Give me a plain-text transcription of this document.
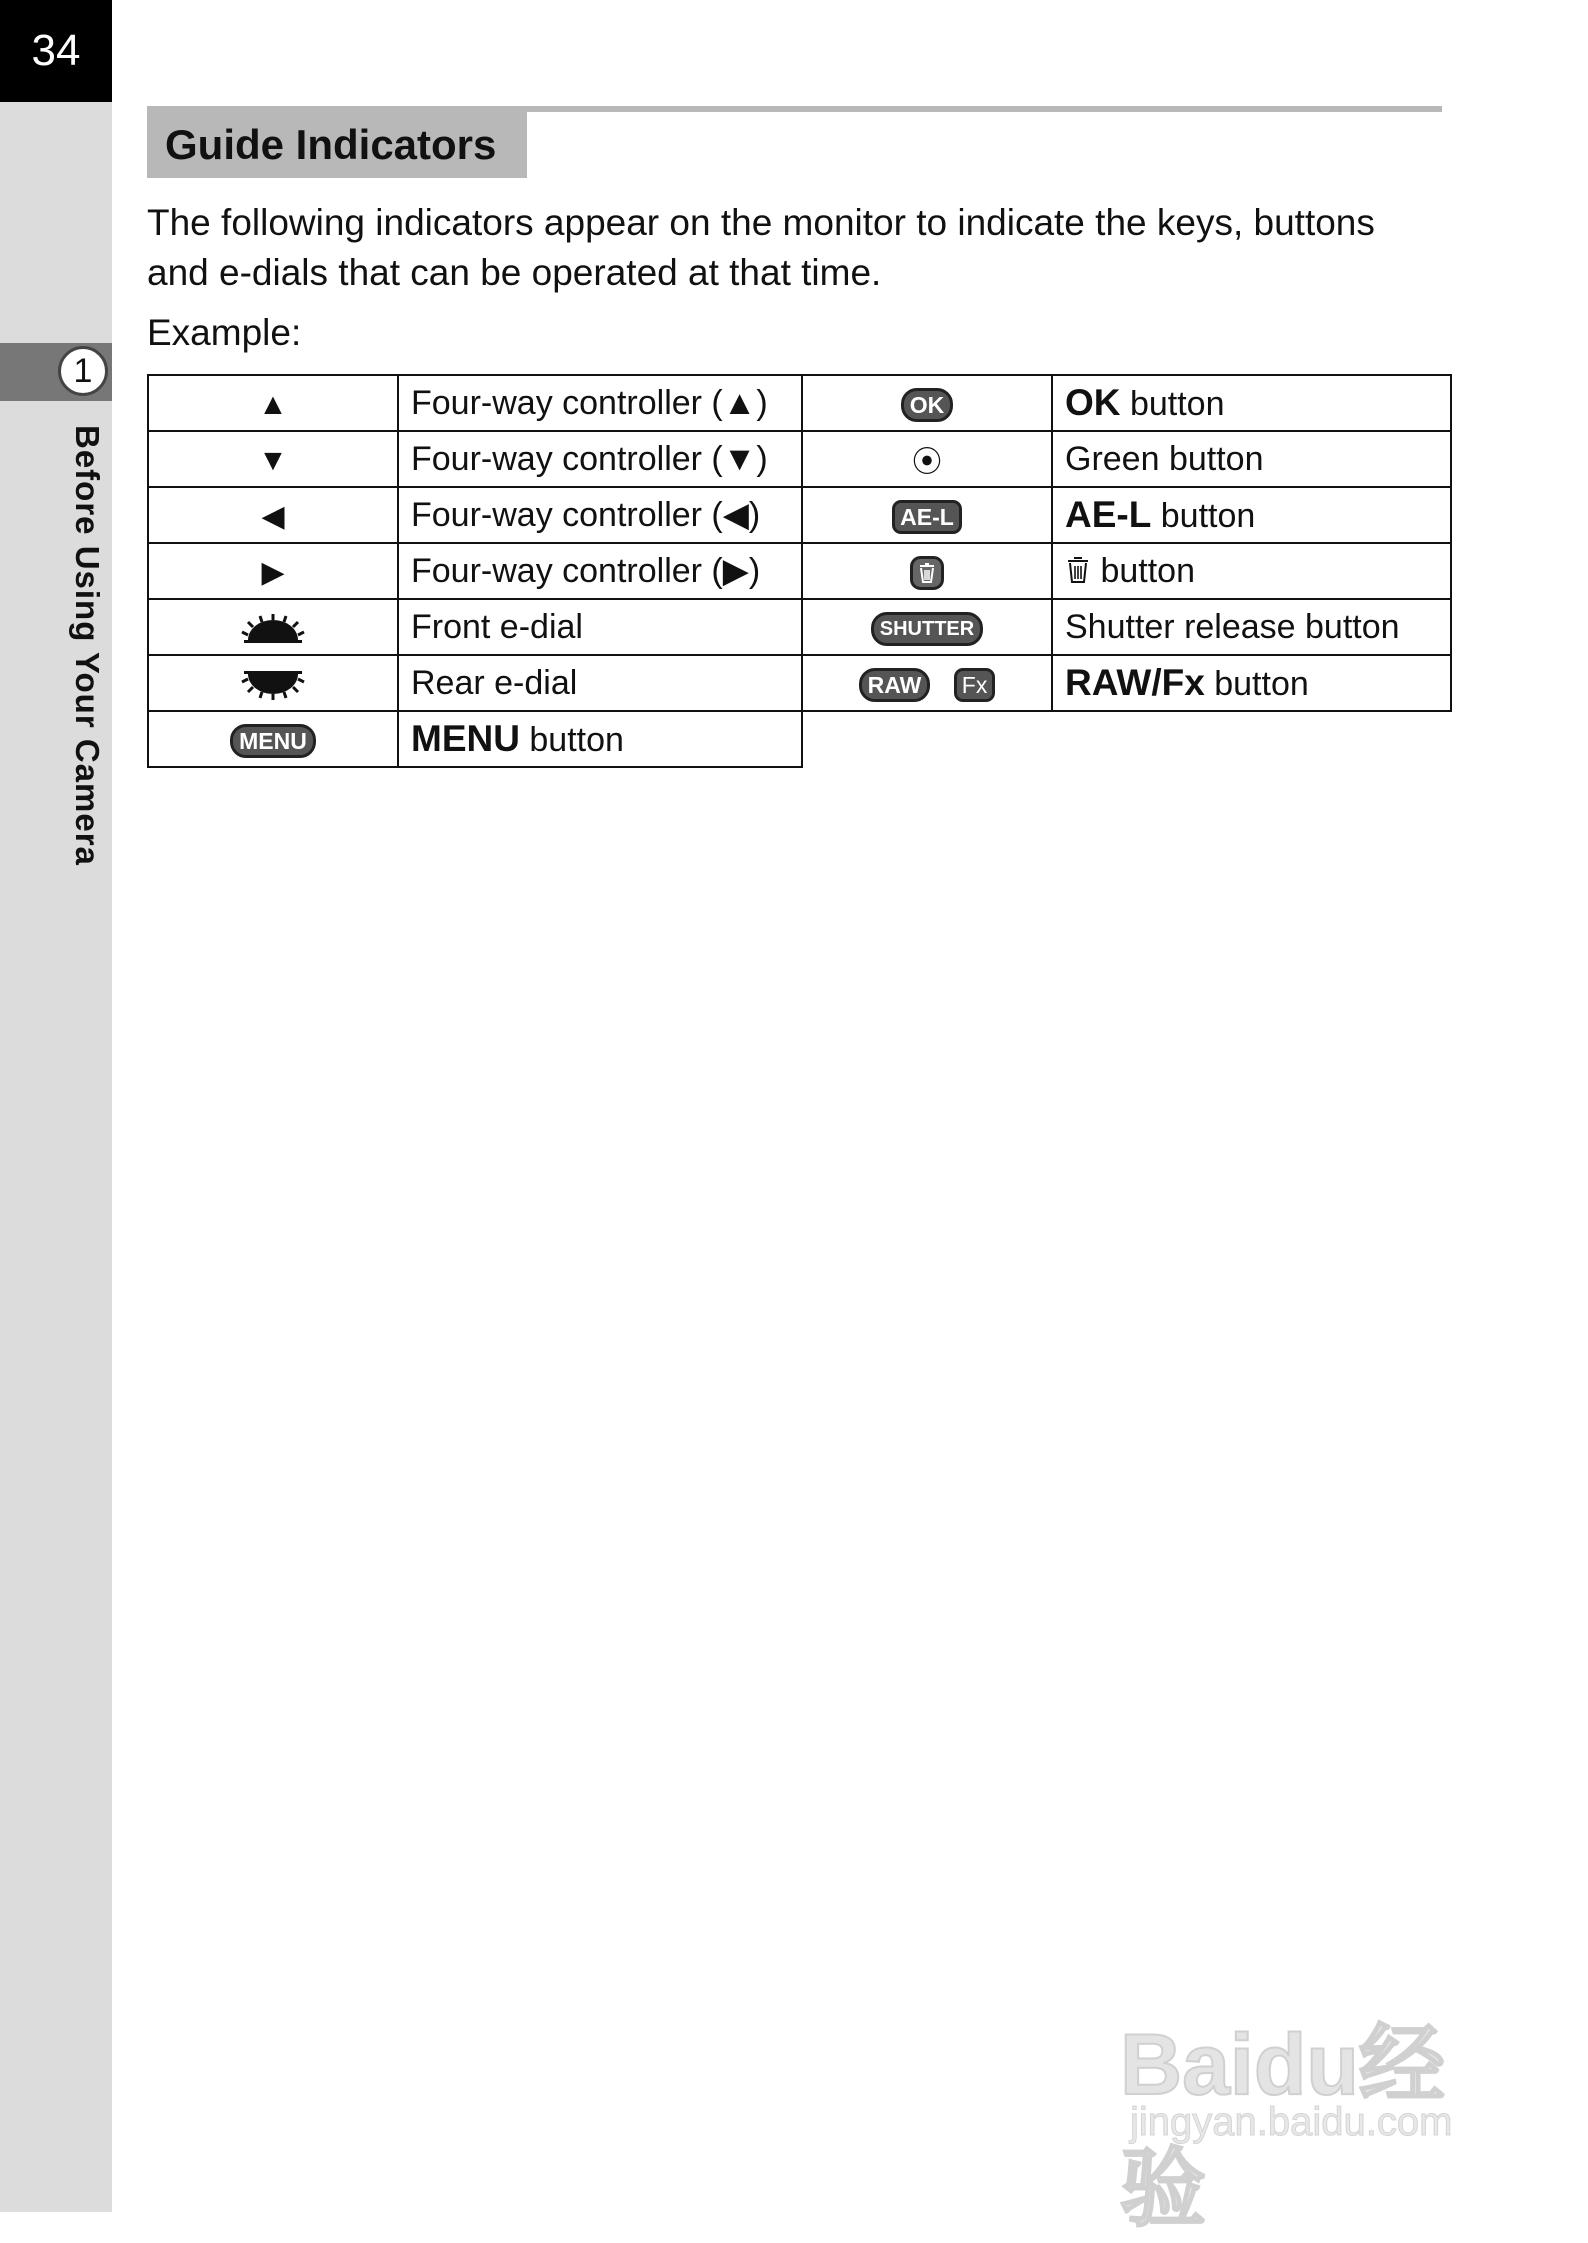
34
1
Before Using Your Camera
Guide Indicators
The following indicators appear on the monitor to indicate the keys, buttons and e-dials that can be operated at that time.
Example:
▲	Four-way controller (▲)	OK	OK button
▼	Four-way controller (▼)	⦿	Green button
◀	Four-way controller (◀)	AE-L	AE-L button
▶	Four-way controller (▶)		button
	Front e-dial	SHUTTER	Shutter release button
	Rear e-dial	RAW Fx	RAW/Fx button
MENU	MENU button		
Baidu经验
jingyan.baidu.com
